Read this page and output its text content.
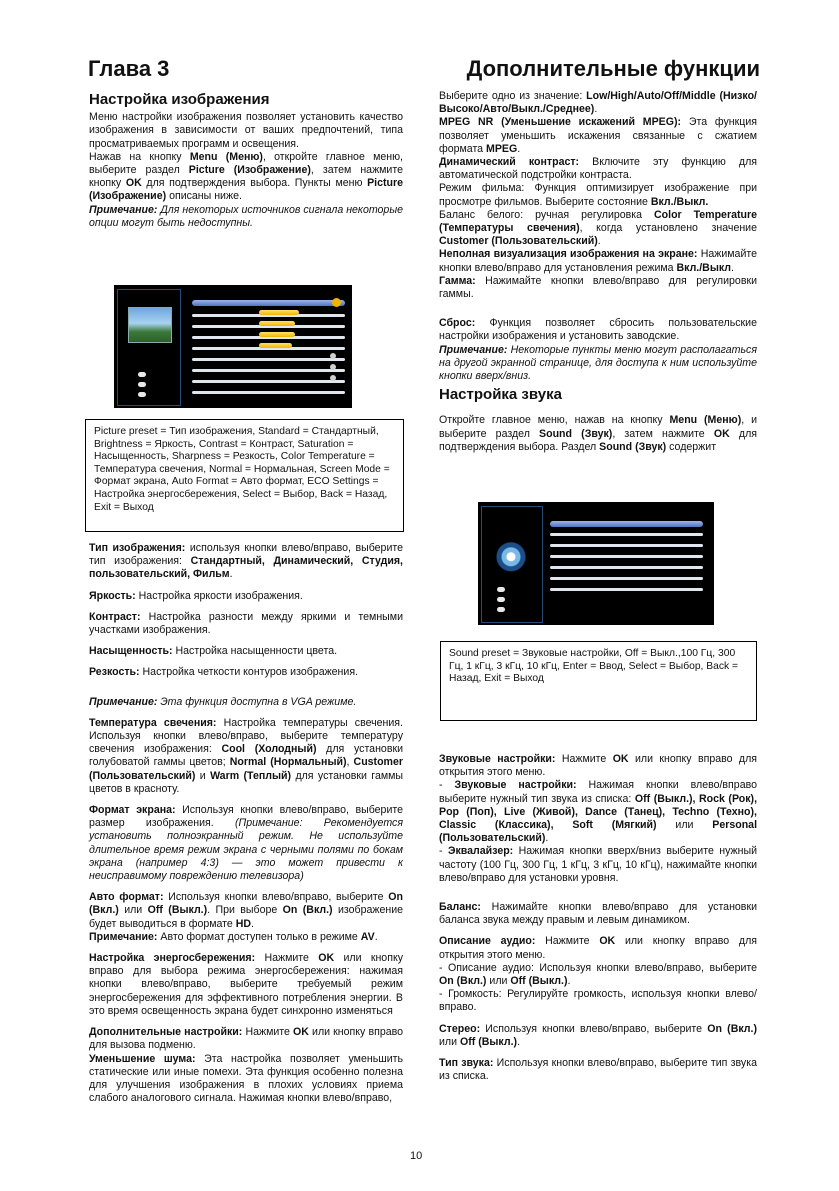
Глава 3	Дополнительные функции
Настройка изображения

Меню настройки изображения позволяет установить качество изображения в зависимости от ваших предпочтений, типа просматриваемых программ и освещения.

Нажав на кнопку Menu (Меню), откройте главное меню, выберите раздел Picture (Изображение), затем нажмите кнопку OK для подтверждения выбора. Пункты меню Picture (Изображение) описаны ниже.

Примечание: Для некоторых источников сигнала некоторые опции могут быть недоступны.

Picture preset = Тип изображения, Standard = Стандартный, Brightness = Яркость, Contrast = Контраст, Saturation = Насыщенность, Sharpness = Резкость, Color Temperature = Температура свечения, Normal = Нормальная, Screen Mode = Формат экрана, Auto Format = Авто формат, ECO Settings = Настройка энергосбережения, Select = Выбор, Back = Назад, Exit = Выход

Тип изображения: используя кнопки влево/вправо, выберите тип изображения: Стандартный, Динамический, Студия, пользовательский, Фильм.

Яркость: Настройка яркости изображения.

Контраст: Настройка разности между яркими и темными участками изображения.

Насыщенность: Настройка насыщенности цвета.

Резкость: Настройка четкости контуров изображения.

Примечание: Эта функция доступна в VGA режиме.

Температура свечения: Настройка температуры свечения. Используя кнопки влево/вправо, выберите температуру свечения изображения: Cool (Холодный) для установки голубоватой гаммы цветов; Normal (Нормальный), Customer (Пользовательский) и Warm (Теплый) для установки гаммы цветов в красноту.

Формат экрана: Используя кнопки влево/вправо, выберите размер изображения. (Примечание: Рекомендуется установить полноэкранный режим. Не используйте длительное время режим экрана с черными полями по бокам экрана (например 4:3) — это может привести к неисправимому повреждению телевизора)

Авто формат: Используя кнопки влево/вправо, выберите On (Вкл.) или Off (Выкл.). При выборе On (Вкл.) изображение будет выводиться в формате HD.
Примечание: Авто формат доступен только в режиме AV.

Настройка энергосбережения: Нажмите OK или кнопку вправо для выбора режима энергосбережения: нажимая кнопки влево/вправо, выберите требуемый режим энергосбережения для эффективного потребления энергии. В это время освещенность экрана будет синхронно изменяться

Дополнительные настройки: Нажмите OK или кнопку вправо для вызова подменю.

Уменьшение шума: Эта настройка позволяет уменьшить статические или иные помехи. Эта функция особенно полезна для улучшения изображения в плохих условиях приема слабого аналогового сигнала. Нажимая кнопки влево/вправо,

Выберите одно из значение: Low/High/Auto/Off/Middle (Низко/Высоко/Авто/Выкл./Среднее).

MPEG NR (Уменьшение искажений MPEG): Эта функция позволяет уменьшить искажения связанные с сжатием формата MPEG.

Динамический контраст: Включите эту функцию для автоматической подстройки контраста.

Режим фильма: Функция оптимизирует изображение при просмотре фильмов. Выберите состояние Вкл./Выкл.

Баланс белого: ручная регулировка Color Temperature (Температуры свечения), когда установлено значение Customer (Пользовательский).

Неполная визуализация изображения на экране: Нажимайте кнопки влево/вправо для установления режима Вкл./Выкл.

Гамма: Нажимайте кнопки влево/вправо для регулировки гаммы.

Сброс: Функция позволяет сбросить пользовательские настройки изображения и установить заводские.

Примечание: Некоторые пункты меню могут располагаться на другой экранной странице, для доступа к ним используйте кнопки вверх/вниз.

Настройка звука

Откройте главное меню, нажав на кнопку Menu (Меню), и выберите раздел Sound (Звук), затем нажмите OK для подтверждения выбора. Раздел Sound (Звук) содержит

Sound preset = Звуковые настройки, Off = Выкл.,100 Гц, 300 Гц, 1 кГц, 3 кГц, 10 кГц, Enter = Ввод, Select = Выбор, Back = Назад, Exit = Выход

Звуковые настройки: Нажмите OK или кнопку вправо для открытия этого меню.

- Звуковые настройки: Нажимая кнопки влево/вправо выберите нужный тип звука из списка: Off (Выкл.), Rock (Рок), Pop (Поп), Live (Живой), Dance (Танец), Techno (Техно), Classic (Классика), Soft (Мягкий) или Personal (Пользовательский).

- Эквалайзер: Нажимая кнопки вверх/вниз выберите нужный частоту (100 Гц, 300 Гц, 1 кГц, 3 кГц, 10 кГц), нажимайте кнопки влево/вправо для установки уровня.

Баланс: Нажимайте кнопки влево/вправо для установки баланса звука между правым и левым динамиком.

Описание аудио: Нажмите OK или кнопку вправо для открытия этого меню.

- Описание аудио: Используя кнопки влево/вправо, выберите On (Вкл.) или Off (Выкл.).

- Громкость: Регулируйте громкость, используя кнопки влево/вправо.

Стерео: Используя кнопки влево/вправо, выберите On (Вкл.) или Off (Выкл.).

Тип звука: Используя кнопки влево/вправо, выберите тип звука из списка.

10
